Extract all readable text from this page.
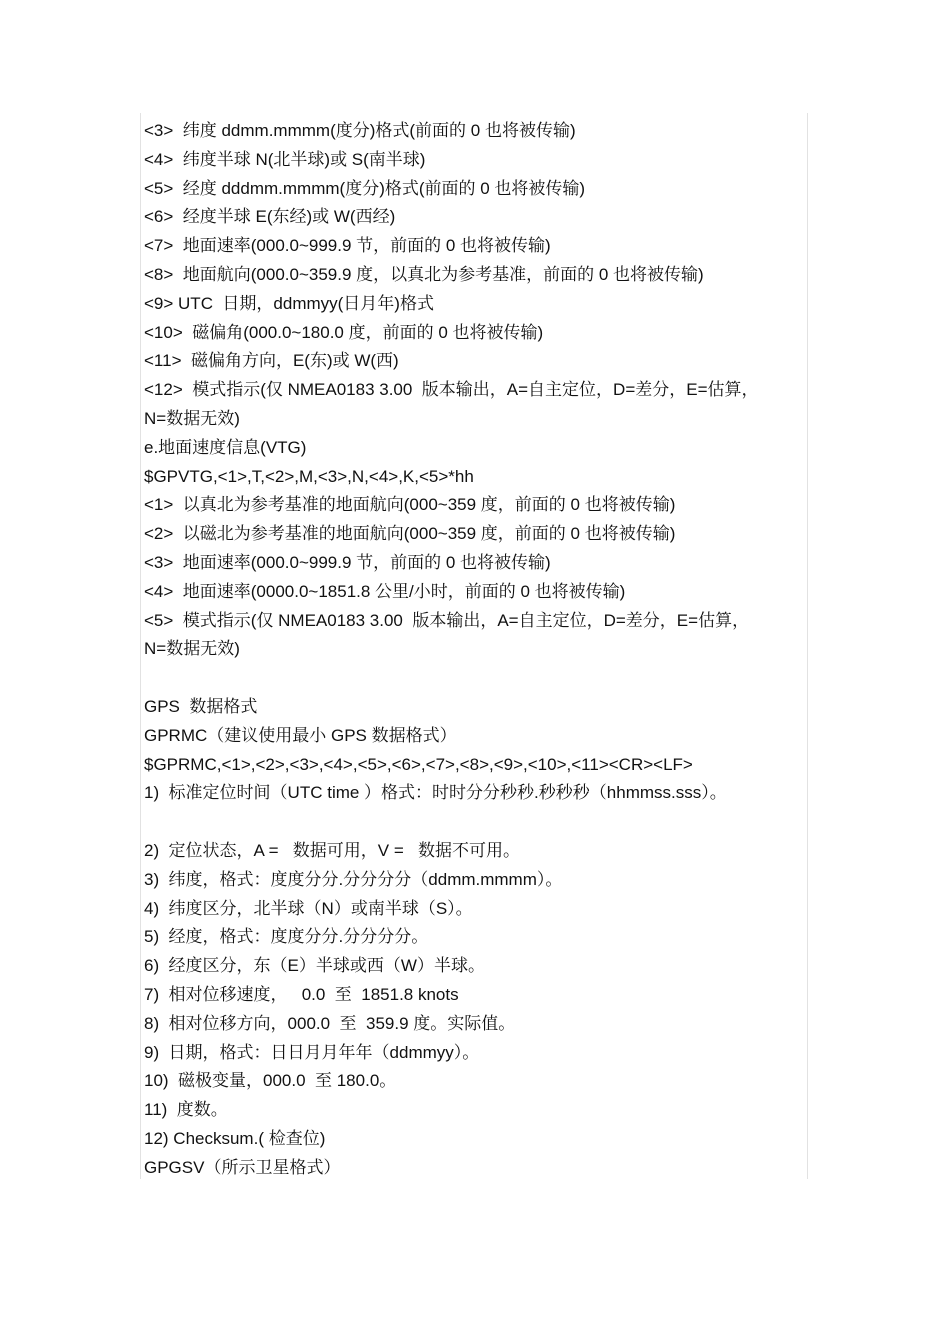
<3>  纬度 ddmm.mmmm(度分)格式(前面的 0 也将被传输)
<4>  纬度半球 N(北半球)或 S(南半球)
<5>  经度 dddmm.mmmm(度分)格式(前面的 0 也将被传输)
<6>  经度半球 E(东经)或 W(西经)
<7>  地面速率(000.0~999.9 节，前面的 0 也将被传输)
<8>  地面航向(000.0~359.9 度，以真北为参考基准，前面的 0 也将被传输)
<9> UTC  日期，ddmmyy(日月年)格式
<10>  磁偏角(000.0~180.0 度，前面的 0 也将被传输)
<11>  磁偏角方向，E(东)或 W(西)
<12>  模式指示(仅 NMEA0183 3.00  版本输出，A=自主定位，D=差分，E=估算，
N=数据无效)
e.地面速度信息(VTG)
$GPVTG,<1>,T,<2>,M,<3>,N,<4>,K,<5>*hh
<1>  以真北为参考基准的地面航向(000~359 度，前面的 0 也将被传输)
<2>  以磁北为参考基准的地面航向(000~359 度，前面的 0 也将被传输)
<3>  地面速率(000.0~999.9 节，前面的 0 也将被传输)
<4>  地面速率(0000.0~1851.8 公里/小时，前面的 0 也将被传输)
<5>  模式指示(仅 NMEA0183 3.00  版本输出，A=自主定位，D=差分，E=估算，
N=数据无效)
GPS  数据格式
GPRMC（建议使用最小 GPS 数据格式）
$GPRMC,<1>,<2>,<3>,<4>,<5>,<6>,<7>,<8>,<9>,<10>,<11><CR><LF>
1)  标准定位时间（UTC time ）格式：时时分分秒秒.秒秒秒（hhmmss.sss）。
2)  定位状态，A =   数据可用，V =   数据不可用。
3)  纬度，格式：度度分分.分分分分（ddmm.mmmm）。
4)  纬度区分，北半球（N）或南半球（S）。
5)  经度，格式：度度分分.分分分分。
6)  经度区分，东（E）半球或西（W）半球。
7)  相对位移速度，   0.0  至  1851.8 knots
8)  相对位移方向，000.0  至  359.9 度。实际值。
9)  日期，格式：日日月月年年（ddmmyy）。
10)  磁极变量，000.0  至 180.0。
11)  度数。
12) Checksum.( 检查位)
GPGSV（所示卫星格式）
